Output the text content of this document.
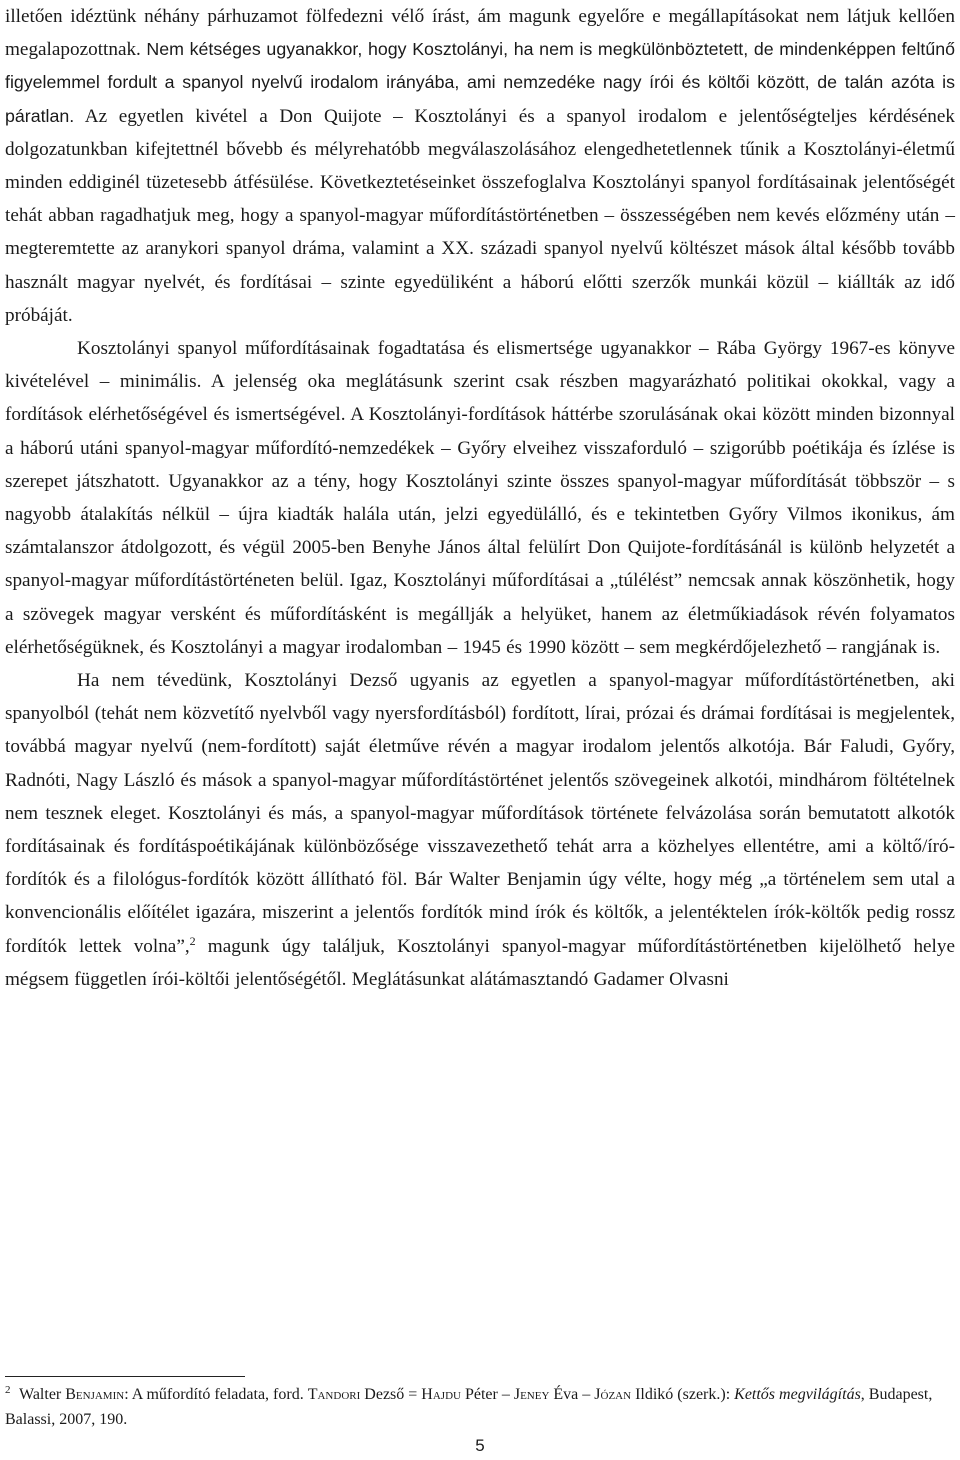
illetően idéztünk néhány párhuzamot fölfedezni vélő írást, ám magunk egyelőre e megállapításokat nem látjuk kellően megalapozottnak. Nem kétséges ugyanakkor, hogy Kosztolányi, ha nem is megkülönböztetett, de mindenképpen feltűnő figyelemmel fordult a spanyol nyelvű irodalom irányába, ami nemzedéke nagy írói és költői között, de talán azóta is páratlan. Az egyetlen kivétel a Don Quijote – Kosztolányi és a spanyol irodalom e jelentőségteljes kérdésének dolgozatunkban kifejtettnél bővebb és mélyrehatóbb megválaszolásához elengedhetetlennek tűnik a Kosztolányi-életmű minden eddiginél tüzetesebb átfésülése. Következtetéseinket összefoglalva Kosztolányi spanyol fordításainak jelentőségét tehát abban ragadhatjuk meg, hogy a spanyol-magyar műfordítástörténetben – összességében nem kevés előzmény után – megteremtette az aranykori spanyol dráma, valamint a XX. századi spanyol nyelvű költészet mások által később tovább használt magyar nyelvét, és fordításai – szinte egyedüliként a háború előtti szerzők munkái közül – kiállták az idő próbáját.

Kosztolányi spanyol műfordításainak fogadtatása és elismertsége ugyanakkor – Rába György 1967-es könyve kivételével – minimális. A jelenség oka meglátásunk szerint csak részben magyarázható politikai okokkal, vagy a fordítások elérhetőségével és ismertségével. A Kosztolányi-fordítások háttérbe szorulásának okai között minden bizonnyal a háború utáni spanyol-magyar műfordító-nemzedékek – Győry elveihez visszaforduló – szigorúbb poétikája és ízlése is szerepet játszhatott. Ugyanakkor az a tény, hogy Kosztolányi szinte összes spanyol-magyar műfordítását többször – s nagyobb átalakítás nélkül – újra kiadták halála után, jelzi egyedülálló, és e tekintetben Győry Vilmos ikonikus, ám számtalanszor átdolgozott, és végül 2005-ben Benyhe János által felülírt Don Quijote-fordításánál is különb helyzetét a spanyol-magyar műfordítástörténeten belül. Igaz, Kosztolányi műfordításai a „túlélést” nemcsak annak köszönhetik, hogy a szövegek magyar versként és műfordításként is megállják a helyüket, hanem az életműkiadások révén folyamatos elérhetőségüknek, és Kosztolányi a magyar irodalomban – 1945 és 1990 között – sem megkérdőjelezhető – rangjának is.

Ha nem tévedünk, Kosztolányi Dezső ugyanis az egyetlen a spanyol-magyar műfordítástörténetben, aki spanyolból (tehát nem közvetítő nyelvből vagy nyersfordításból) fordított, lírai, prózai és drámai fordításai is megjelentek, továbbá magyar nyelvű (nem-fordított) saját életműve révén a magyar irodalom jelentős alkotója. Bár Faludi, Győry, Radnóti, Nagy László és mások a spanyol-magyar műfordítástörténet jelentős szövegeinek alkotói, mindhárom föltételnek nem tesznek eleget. Kosztolányi és más, a spanyol-magyar műfordítások története felvázolása során bemutatott alkotók fordításainak és fordításpoétikájának különbözősége visszavezethető tehát arra a közhelyes ellentétre, ami a költő/író-fordítók és a filológus-fordítók között állítható föl. Bár Walter Benjamin úgy vélte, hogy még „a történelem sem utal a konvencionális előítélet igazára, miszerint a jelentős fordítók mind írók és költők, a jelentéktelen írók-költők pedig rossz fordítók lettek volna”,$^2$ magunk úgy találjuk, Kosztolányi spanyol-magyar műfordítástörténetben kijelölhető helye mégsem független írói-költői jelentőségétől. Meglátásunkat alátámasztandó Gadamer Olvasni

2 Walter Benjamin: A műfordító feladata, ford. Tandori Dezső = Hajdu Péter – Jeney Éva – Józan Ildikó (szerk.): Kettős megvilágítás, Budapest, Balassi, 2007, 190.
5
